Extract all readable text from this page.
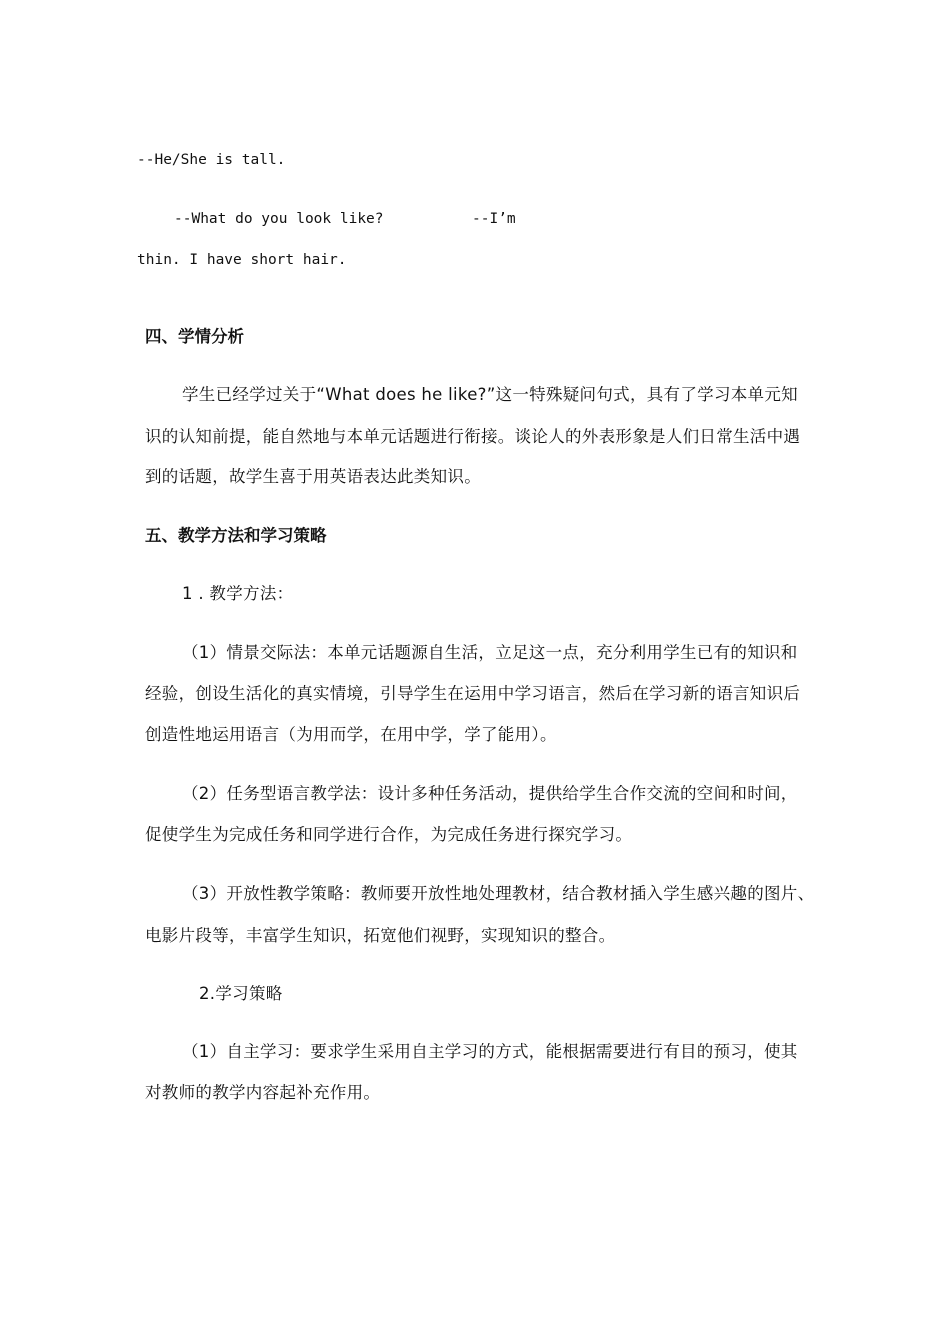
--He/She is tall.
--What do you look like?	--I’m
thin. I have short hair.
四、学情分析
学生已经学过关于“What does he like?”这一特殊疑问句式，具有了学习本单元知
识的认知前提，能自然地与本单元话题进行衔接。谈论人的外表形象是人们日常生活中遇
到的话题，故学生喜于用英语表达此类知识。
五、教学方法和学习策略
1 . 教学方法：
（1）情景交际法：本单元话题源自生活，立足这一点，充分利用学生已有的知识和
经验，创设生活化的真实情境，引导学生在运用中学习语言，然后在学习新的语言知识后
创造性地运用语言（为用而学，在用中学，学了能用）。
（2）任务型语言教学法：设计多种任务活动，提供给学生合作交流的空间和时间，
促使学生为完成任务和同学进行合作，为完成任务进行探究学习。
（3）开放性教学策略：教师要开放性地处理教材，结合教材插入学生感兴趣的图片、
电影片段等，丰富学生知识，拓宽他们视野，实现知识的整合。
2.学习策略
（1）自主学习：要求学生采用自主学习的方式，能根据需要进行有目的预习，使其
对教师的教学内容起补充作用。
